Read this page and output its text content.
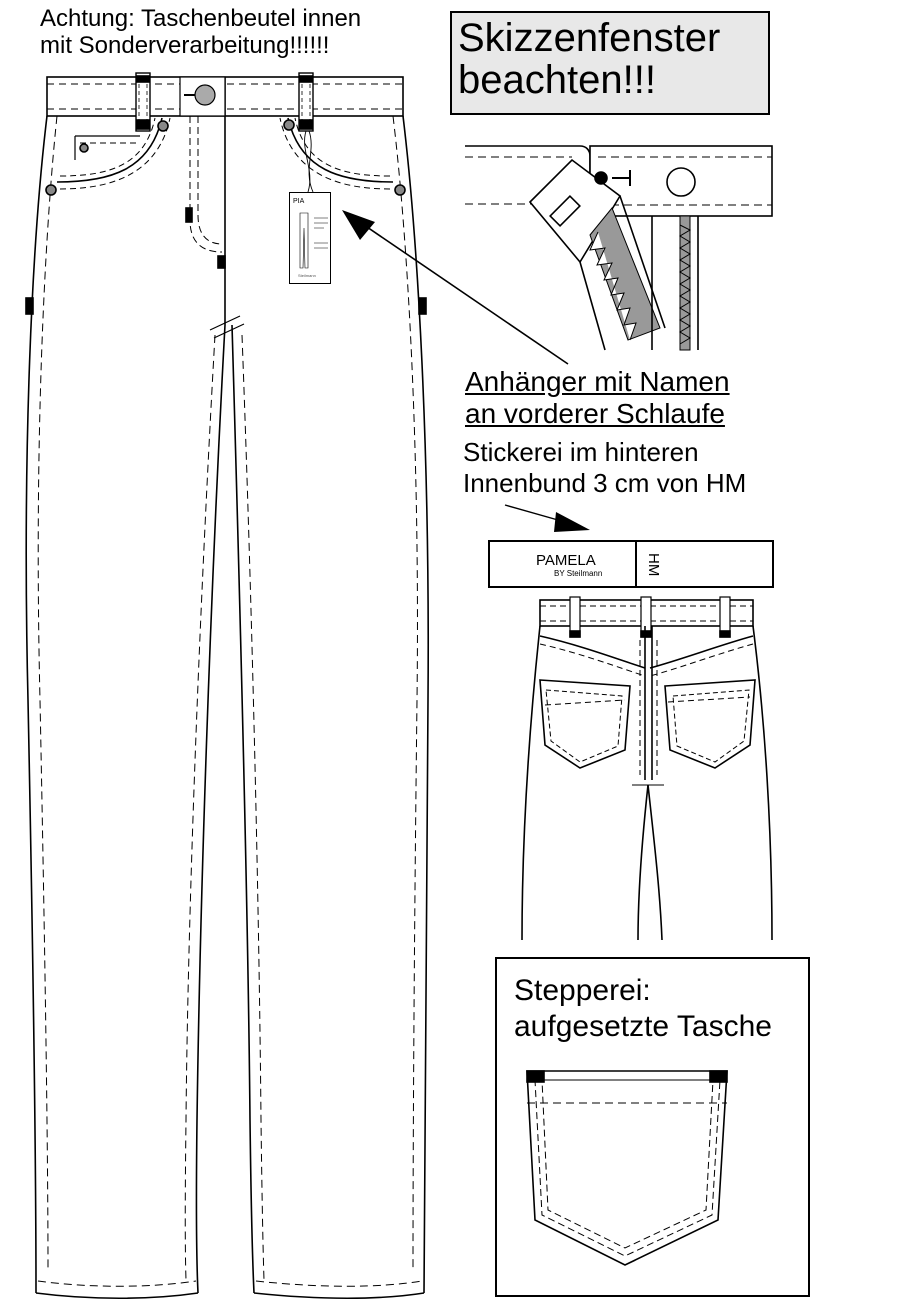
Achtung: Taschenbeutel innen
mit Sonderverarbeitung!!!!!!	Skizzenfenster
beachten!!!
Anhänger mit Namen
an vorderer Schlaufe
Stickerei im hinteren
Innenbund 3 cm von HM
PIA
Steilmann
PAMELA
BY Steilmann	HM
Stepperei:
aufgesetzte Tasche
